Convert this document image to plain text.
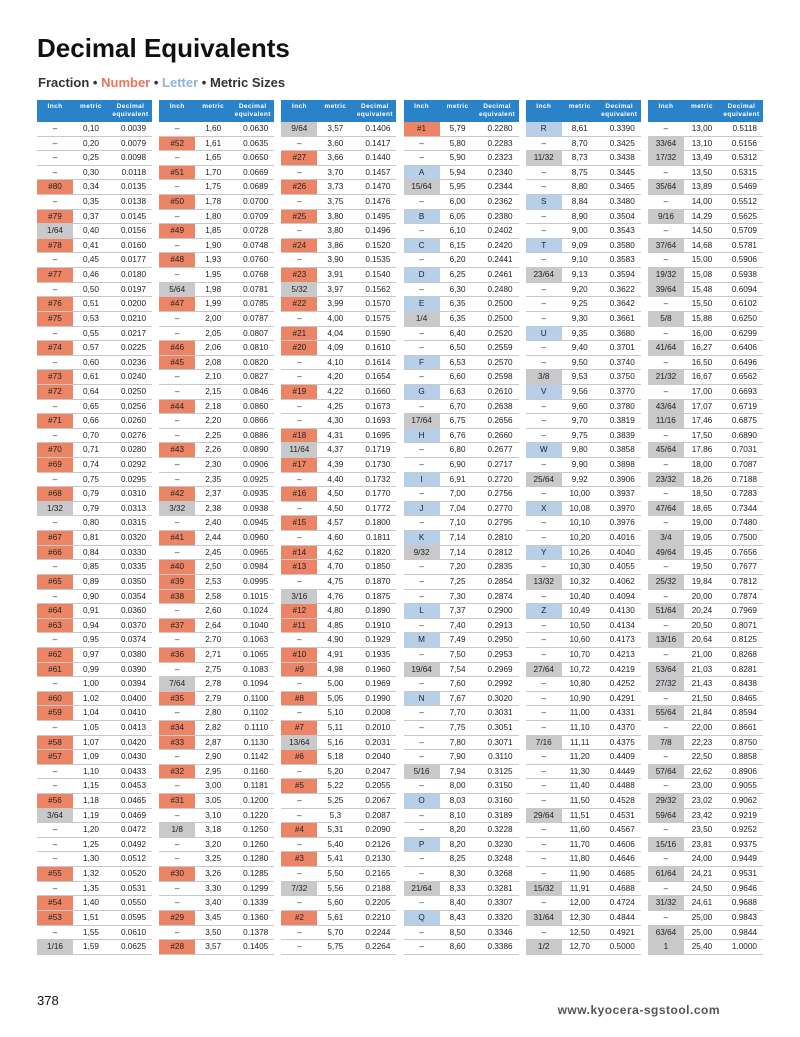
Decimal Equivalents
Fraction • Number • Letter • Metric Sizes
Inch	metric	Decimal equivalent
–	0,10	0.0039
–	0,20	0.0079
–	0,25	0.0098
–	0,30	0.0118
#80	0,34	0.0135
–	0,35	0.0138
#79	0,37	0.0145
1/64	0,40	0.0156
#78	0,41	0.0160
–	0,45	0.0177
#77	0,46	0.0180
–	0,50	0.0197
#76	0,51	0.0200
#75	0,53	0.0210
–	0,55	0.0217
#74	0,57	0.0225
–	0,60	0.0236
#73	0,61	0.0240
#72	0,64	0.0250
–	0,65	0.0256
#71	0,66	0.0260
–	0,70	0.0276
#70	0,71	0.0280
#69	0,74	0.0292
–	0,75	0.0295
#68	0,79	0.0310
1/32	0,79	0.0313
–	0,80	0.0315
#67	0,81	0.0320
#66	0,84	0.0330
–	0,85	0.0335
#65	0,89	0.0350
–	0,90	0.0354
#64	0,91	0.0360
#63	0,94	0.0370
–	0,95	0.0374
#62	0,97	0.0380
#61	0,99	0.0390
–	1,00	0.0394
#60	1,02	0.0400
#59	1,04	0.0410
–	1,05	0.0413
#58	1,07	0.0420
#57	1,09	0.0430
–	1,10	0.0433
–	1,15	0.0453
#56	1,18	0.0465
3/64	1,19	0.0469
–	1,20	0.0472
–	1,25	0.0492
–	1,30	0.0512
#55	1,32	0.0520
–	1,35	0.0531
#54	1,40	0.0550
#53	1,51	0.0595
–	1,55	0.0610
1/16	1,59	0.0625
Inch	metric	Decimal equivalent
–	1,60	0.0630
#52	1,61	0.0635
–	1,65	0.0650
#51	1,70	0.0669
–	1,75	0.0689
#50	1,78	0.0700
–	1,80	0.0709
#49	1,85	0.0728
–	1,90	0.0748
#48	1,93	0.0760
–	1,95	0.0768
5/64	1,98	0.0781
#47	1,99	0.0785
–	2,00	0.0787
–	2,05	0.0807
#46	2,06	0.0810
#45	2,08	0.0820
–	2,10	0.0827
–	2,15	0.0846
#44	2,18	0.0860
–	2,20	0.0866
–	2,25	0.0886
#43	2,26	0.0890
–	2,30	0.0906
–	2,35	0.0925
#42	2,37	0.0935
3/32	2,38	0.0938
–	2,40	0.0945
#41	2,44	0.0960
–	2,45	0.0965
#40	2,50	0.0984
#39	2,53	0.0995
#38	2,58	0.1015
–	2,60	0.1024
#37	2,64	0.1040
–	2,70	0.1063
#36	2,71	0.1065
–	2,75	0.1083
7/64	2,78	0.1094
#35	2,79	0.1100
–	2,80	0.1102
#34	2,82	0.1110
#33	2,87	0.1130
–	2,90	0.1142
#32	2,95	0.1160
–	3,00	0.1181
#31	3,05	0.1200
–	3,10	0.1220
1/8	3,18	0.1250
–	3,20	0.1260
–	3,25	0.1280
#30	3,26	0.1285
–	3,30	0.1299
–	3,40	0.1339
#29	3,45	0.1360
–	3,50	0.1378
#28	3,57	0.1405
Inch	metric	Decimal equivalent
9/64	3,57	0.1406
–	3,60	0.1417
#27	3,66	0.1440
–	3,70	0.1457
#26	3,73	0.1470
–	3,75	0.1476
#25	3,80	0.1495
–	3,80	0.1496
#24	3,86	0.1520
–	3,90	0.1535
#23	3,91	0.1540
5/32	3,97	0.1562
#22	3,99	0.1570
–	4,00	0.1575
#21	4,04	0.1590
#20	4,09	0.1610
–	4,10	0.1614
–	4,20	0.1654
#19	4,22	0.1660
–	4,25	0.1673
–	4,30	0.1693
#18	4,31	0.1695
11/64	4,37	0.1719
#17	4,39	0.1730
–	4,40	0.1732
#16	4,50	0.1770
–	4,50	0.1772
#15	4,57	0.1800
–	4,60	0.1811
#14	4,62	0.1820
#13	4,70	0.1850
–	4,75	0.1870
3/16	4,76	0.1875
#12	4,80	0.1890
#11	4,85	0.1910
–	4,90	0.1929
#10	4,91	0.1935
#9	4,98	0.1960
–	5,00	0.1969
#8	5,05	0.1990
–	5,10	0.2008
#7	5,11	0.2010
13/64	5,16	0.2031
#6	5,18	0.2040
–	5,20	0.2047
#5	5,22	0.2055
–	5,25	0.2067
–	5,3	0.2087
#4	5,31	0.2090
–	5,40	0.2126
#3	5,41	0.2130
–	5,50	0.2165
7/32	5,56	0.2188
–	5,60	0.2205
#2	5,61	0.2210
–	5,70	0.2244
–	5,75	0.2264
Inch	metric	Decimal equivalent
#1	5,79	0.2280
–	5,80	0.2283
–	5,90	0.2323
A	5,94	0.2340
15/64	5,95	0.2344
–	6,00	0.2362
B	6,05	0.2380
–	6,10	0.2402
C	6,15	0.2420
–	6,20	0.2441
D	6,25	0.2461
–	6,30	0.2480
E	6,35	0.2500
1/4	6,35	0.2500
–	6,40	0.2520
–	6,50	0.2559
F	6,53	0.2570
–	6,60	0.2598
G	6,63	0.2610
–	6,70	0.2638
17/64	6,75	0.2656
H	6,76	0.2660
–	6,80	0.2677
–	6,90	0.2717
I	6,91	0.2720
–	7,00	0.2756
J	7,04	0.2770
–	7,10	0.2795
K	7,14	0.2810
9/32	7,14	0.2812
–	7,20	0.2835
–	7,25	0.2854
–	7,30	0.2874
L	7,37	0.2900
–	7,40	0.2913
M	7,49	0.2950
–	7,50	0.2953
19/64	7,54	0.2969
–	7,60	0.2992
N	7,67	0.3020
–	7,70	0.3031
–	7,75	0.3051
–	7,80	0.3071
–	7,90	0.3110
5/16	7,94	0.3125
–	8,00	0.3150
O	8,03	0.3160
–	8,10	0.3189
–	8,20	0.3228
P	8,20	0.3230
–	8,25	0.3248
–	8,30	0.3268
21/64	8,33	0.3281
–	8,40	0.3307
Q	8,43	0.3320
–	8,50	0.3346
–	8,60	0.3386
Inch	metric	Decimal equivalent
R	8,61	0.3390
–	8,70	0.3425
11/32	8,73	0.3438
–	8,75	0.3445
–	8,80	0.3465
S	8,84	0.3480
–	8,90	0.3504
–	9,00	0.3543
T	9,09	0.3580
–	9,10	0.3583
23/64	9,13	0.3594
–	9,20	0.3622
–	9,25	0.3642
–	9,30	0.3661
U	9,35	0.3680
–	9,40	0.3701
–	9,50	0.3740
3/8	9,53	0.3750
V	9,56	0.3770
–	9,60	0.3780
–	9,70	0.3819
–	9,75	0.3839
W	9,80	0.3858
–	9,90	0.3898
25/64	9,92	0.3906
–	10,00	0.3937
X	10,08	0.3970
–	10,10	0.3976
–	10,20	0.4016
Y	10,26	0.4040
–	10,30	0.4055
13/32	10,32	0.4062
–	10,40	0.4094
Z	10,49	0.4130
–	10,50	0.4134
–	10,60	0.4173
–	10,70	0.4213
27/64	10,72	0.4219
–	10,80	0.4252
–	10,90	0.4291
–	11,00	0.4331
–	11,10	0.4370
7/16	11,11	0.4375
–	11,20	0.4409
–	11,30	0.4449
–	11,40	0.4488
–	11,50	0.4528
29/64	11,51	0.4531
–	11,60	0.4567
–	11,70	0.4606
–	11,80	0.4646
–	11,90	0.4685
15/32	11,91	0.4688
–	12,00	0.4724
31/64	12,30	0.4844
–	12,50	0.4921
1/2	12,70	0.5000
Inch	metric	Decimal equivalent
–	13,00	0.5118
33/64	13,10	0.5156
17/32	13,49	0.5312
–	13,50	0.5315
35/64	13,89	0.5469
–	14,00	0.5512
9/16	14,29	0.5625
–	14,50	0.5709
37/64	14,68	0.5781
–	15,00	0.5906
19/32	15,08	0.5938
39/64	15,48	0.6094
–	15,50	0.6102
5/8	15,88	0.6250
–	16,00	0.6299
41/64	16,27	0.6406
–	16,50	0.6496
21/32	16,67	0.6562
–	17,00	0.6693
43/64	17,07	0.6719
11/16	17,46	0.6875
–	17,50	0.6890
45/64	17,86	0.7031
–	18,00	0.7087
23/32	18,26	0.7188
–	18,50	0.7283
47/64	18,65	0.7344
–	19,00	0.7480
3/4	19,05	0.7500
49/64	19,45	0.7656
–	19,50	0.7677
25/32	19,84	0.7812
–	20,00	0.7874
51/64	20,24	0.7969
–	20,50	0.8071
13/16	20,64	0.8125
–	21,00	0.8268
53/64	21,03	0.8281
27/32	21,43	0.8438
–	21,50	0.8465
55/64	21,84	0.8594
–	22,00	0.8661
7/8	22,23	0.8750
–	22,50	0.8858
57/64	22,62	0.8906
–	23,00	0.9055
29/32	23,02	0.9062
59/64	23,42	0.9219
–	23,50	0.9252
15/16	23,81	0.9375
–	24,00	0.9449
61/64	24,21	0.9531
–	24,50	0.9646
31/32	24,61	0.9688
–	25,00	0.9843
63/64	25,00	0.9844
1	25,40	1.0000
378
www.kyocera-sgstool.com
